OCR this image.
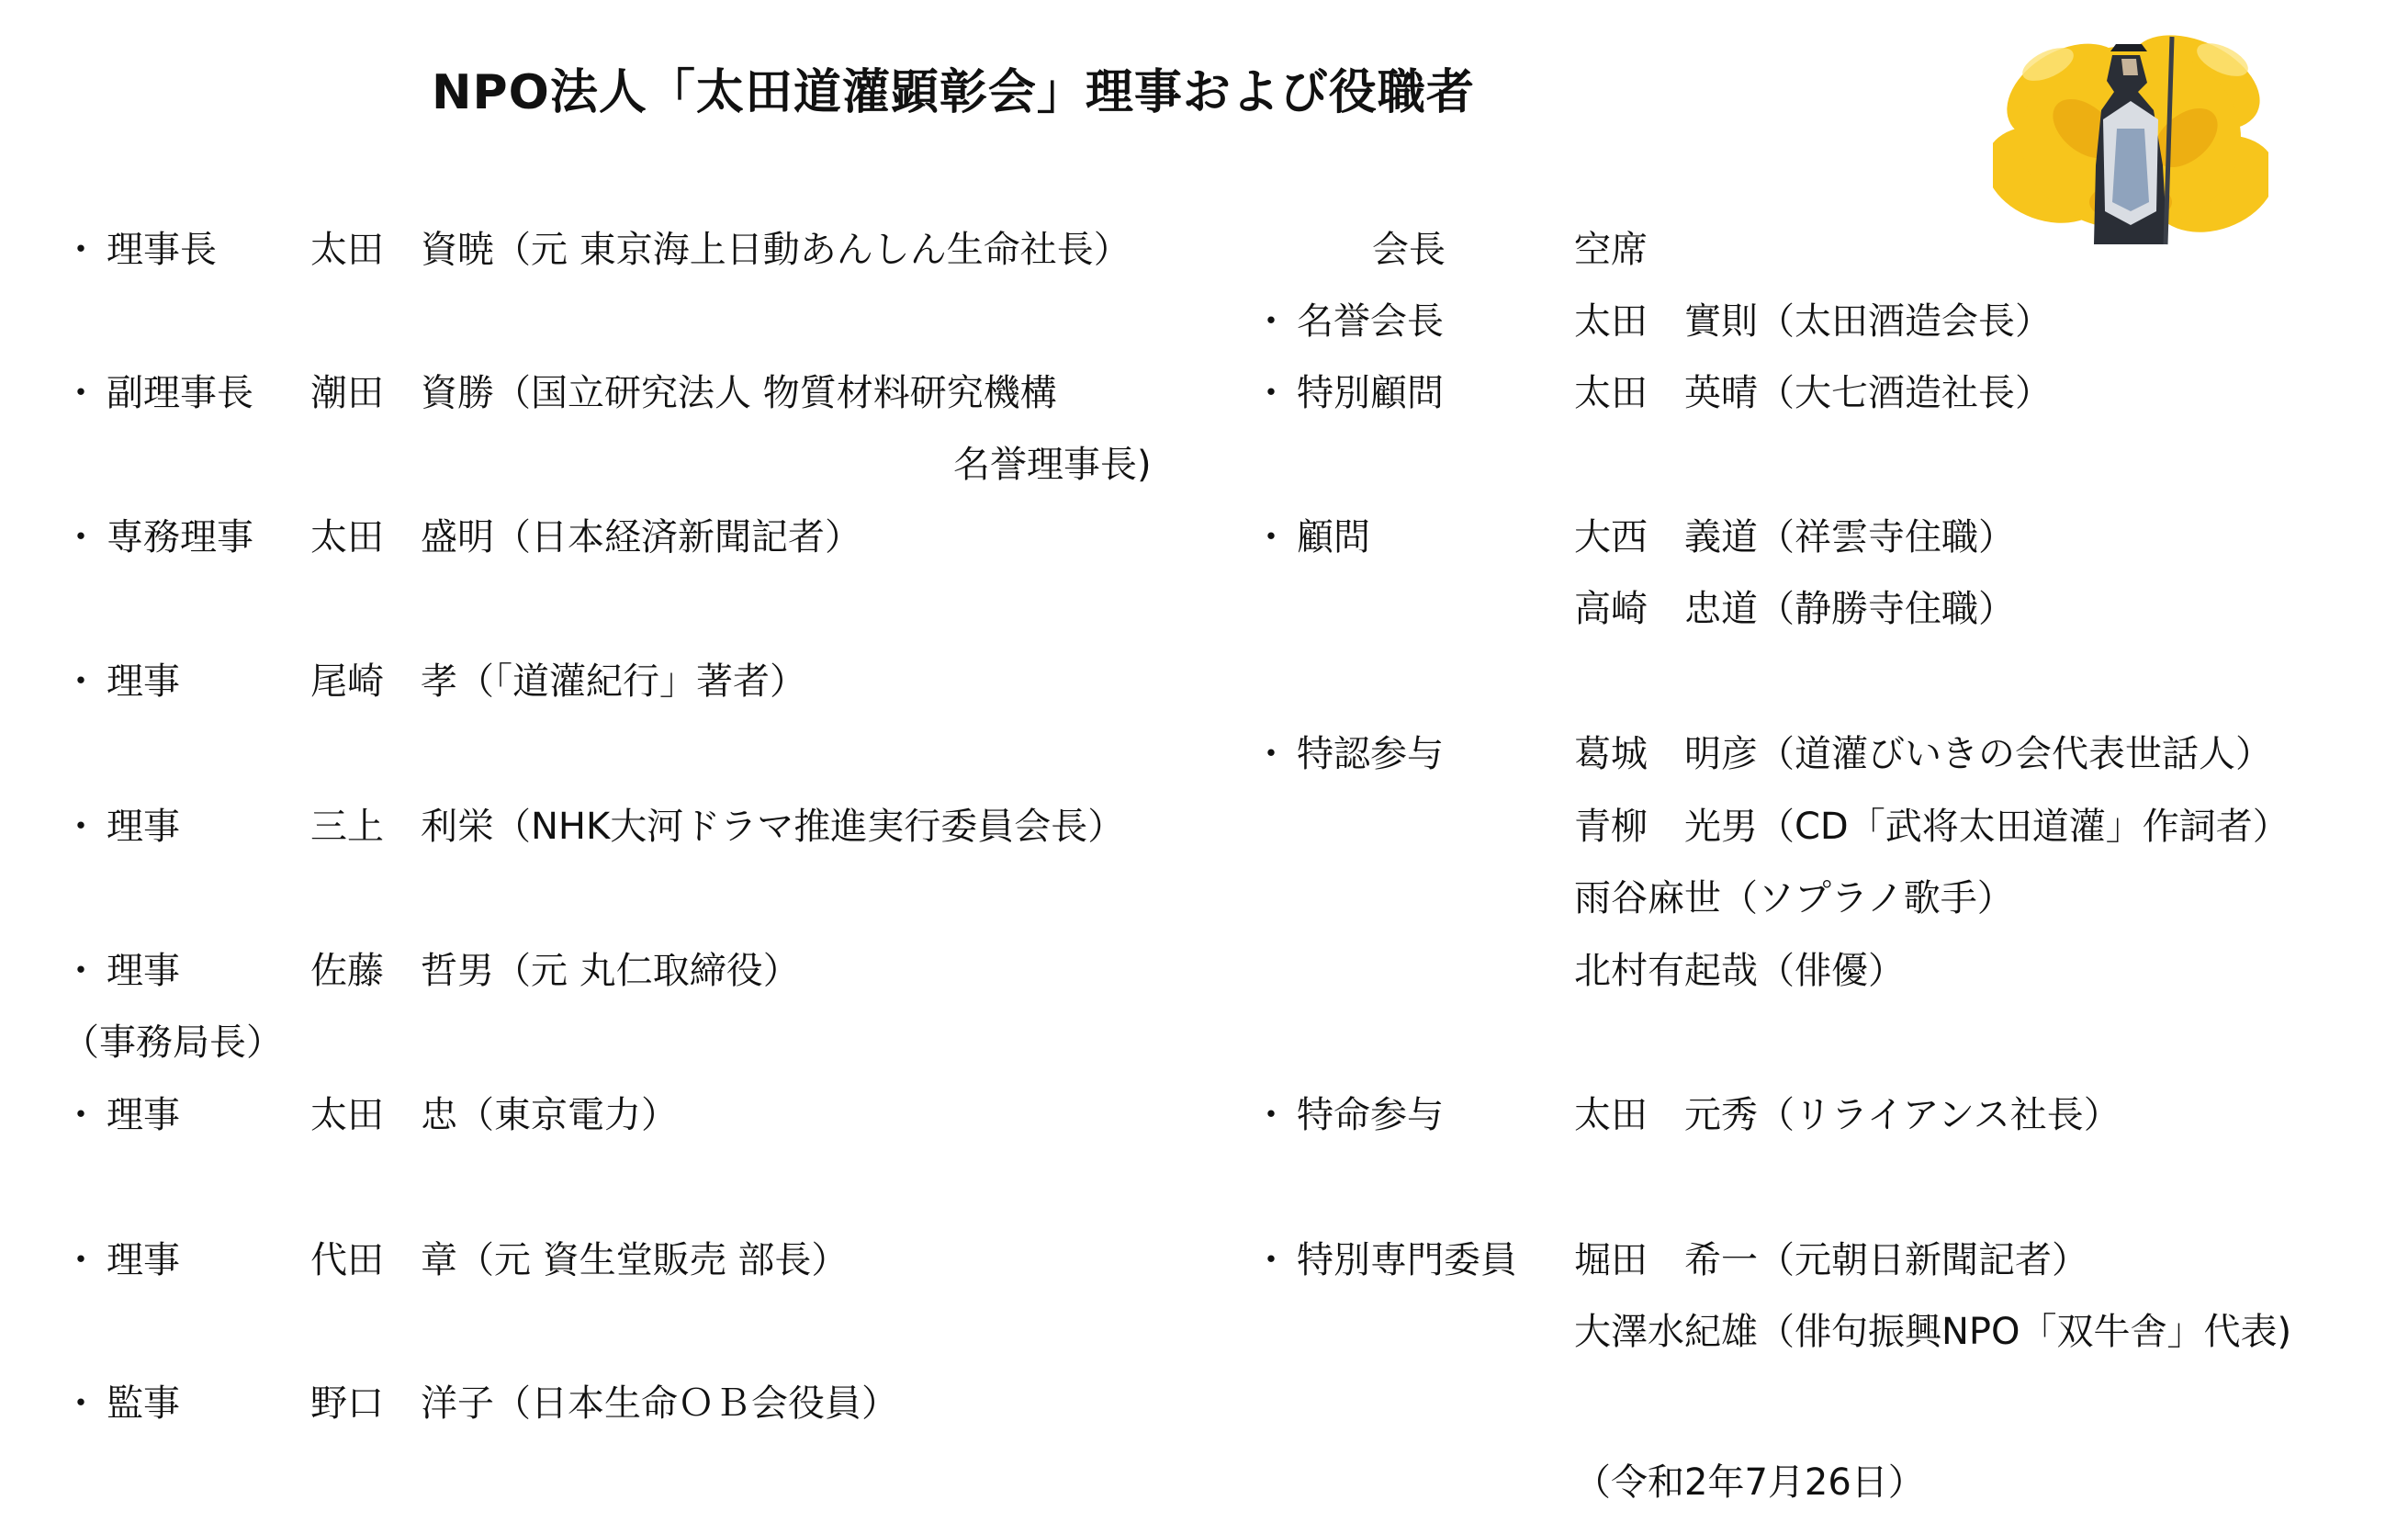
NPO法人「太田道灌顕彰会」理事および役職者
・ 理事長	太田　資暁（元 東京海上日動あんしん生命社長）
・ 副理事長 潮田　資勝（国立研究法人 物質材料研究機構
名誉理事長)
・ 専務理事 太田　盛明（日本経済新聞記者）
・ 理事	尾崎　孝（「道灌紀行」著者）
・ 理事	三上　利栄（NHK大河ドラマ推進実行委員会長）
・ 理事	佐藤　哲男（元 丸仁取締役）
（事務局長）
・ 理事	太田　忠（東京電力）
・ 理事	代田　章（元 資生堂販売 部長）
・ 監事	野口　洋子（日本生命ＯＢ会役員）
会長	空席
・ 名誉会長	太田　實則（太田酒造会長）
・ 特別顧問	太田　英晴（大七酒造社長）
・ 顧問	大西　義道（祥雲寺住職）
高崎　忠道（静勝寺住職）
・ 特認参与	葛城　明彦（道灌びいきの会代表世話人）
青柳　光男（CD「武将太田道灌」作詞者）
雨谷麻世（ソプラノ歌手）
北村有起哉（俳優）
・ 特命参与	太田　元秀（リライアンス社長）
・ 特別専門委員 堀田　希一（元朝日新聞記者）
大澤水紀雄（俳句振興NPO「双牛舎」代表)
（令和2年7月26日）
